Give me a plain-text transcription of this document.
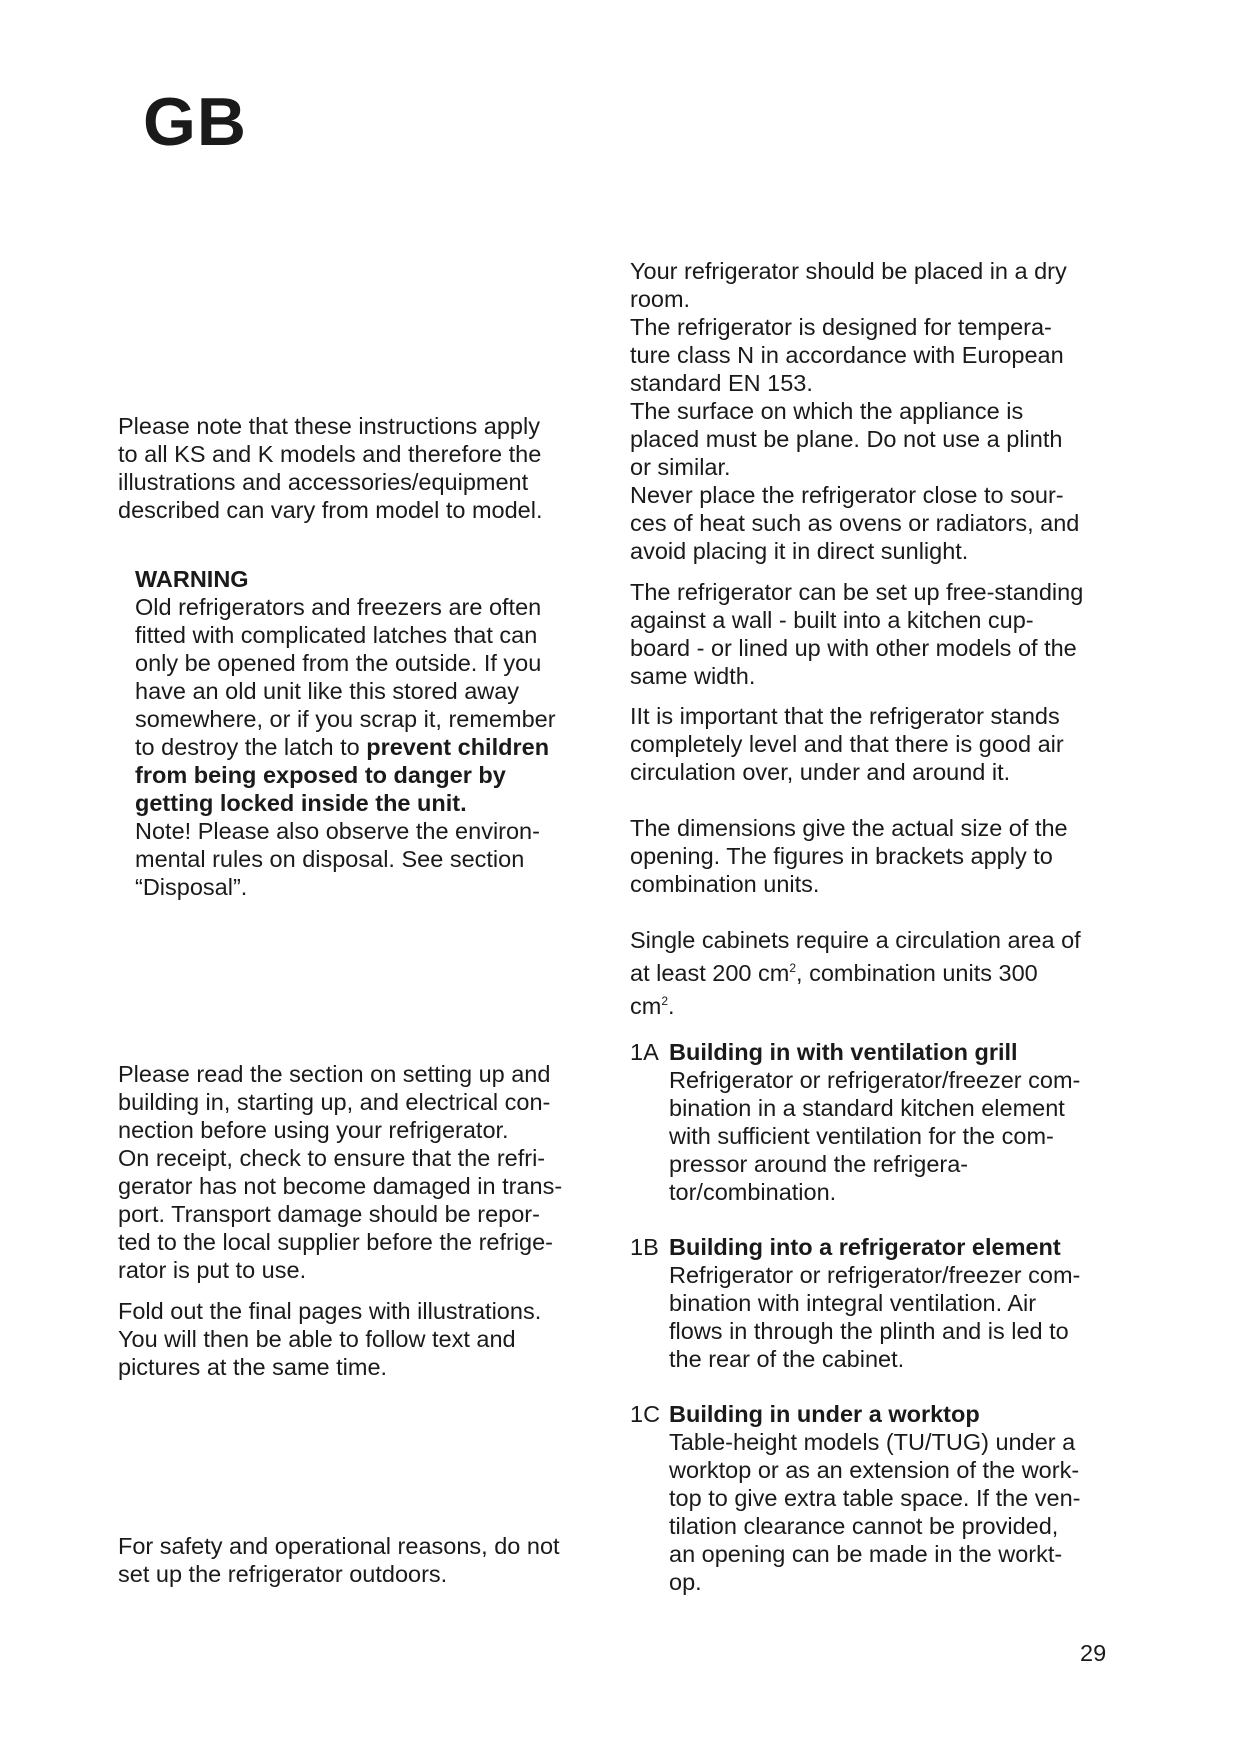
GB

Please note that these instructions apply

to all KS and K models and therefore the

illustrations and accessories/equipment

described can vary from model to model.

WARNING

Old refrigerators and freezers are often

fitted with complicated latches that can

only be opened from the outside. If you

have an old unit like this stored away

somewhere, or if you scrap it, remember

to destroy the latch to prevent children

from being exposed to danger by

getting locked inside the unit.

Note! Please also observe the environ-

mental rules on disposal. See section

“Disposal”.

Please read the section on setting up and

building in, starting up, and electrical con-

nection before using your refrigerator.

On receipt, check to ensure that the refri-

gerator has not become damaged in trans-

port. Transport damage should be repor-

ted to the local supplier before the refrige-

rator is put to use.

Fold out the final pages with illustrations.

You will then be able to follow text and

pictures at the same time.

For safety and operational reasons, do not

set up the refrigerator outdoors.

Your refrigerator should be placed in a dry

room.

The refrigerator is designed for tempera-

ture class N in accordance with European

standard EN 153.

The surface on which the appliance is

placed must be plane. Do not use a plinth

or similar.

Never place the refrigerator close to sour-

ces of heat such as ovens or radiators, and

avoid placing it in direct sunlight.

The refrigerator can be set up free-standing

against a wall - built into a kitchen cup-

board - or lined up with other models of the

same width.

IIt is important that the refrigerator stands

completely level and that there is good air

circulation over, under and around it.

The dimensions give the actual size of the

opening. The figures in brackets apply to

combination units.

Single cabinets require a circulation area of

at least 200 $cm^2$, combination units 300

$cm^2$.

1A Building in with ventilation grill
Refrigerator or refrigerator/freezer com-
bination in a standard kitchen element
with sufficient ventilation for the com-
pressor around the refrigera-
tor/combination.
1B Building into a refrigerator element
Refrigerator or refrigerator/freezer com-
bination with integral ventilation. Air
flows in through the plinth and is led to
the rear of the cabinet.
1C Building in under a worktop
Table-height models (TU/TUG) under a
worktop or as an extension of the work-
top to give extra table space. If the ven-
tilation clearance cannot be provided,
an opening can be made in the workt-
op.
29
